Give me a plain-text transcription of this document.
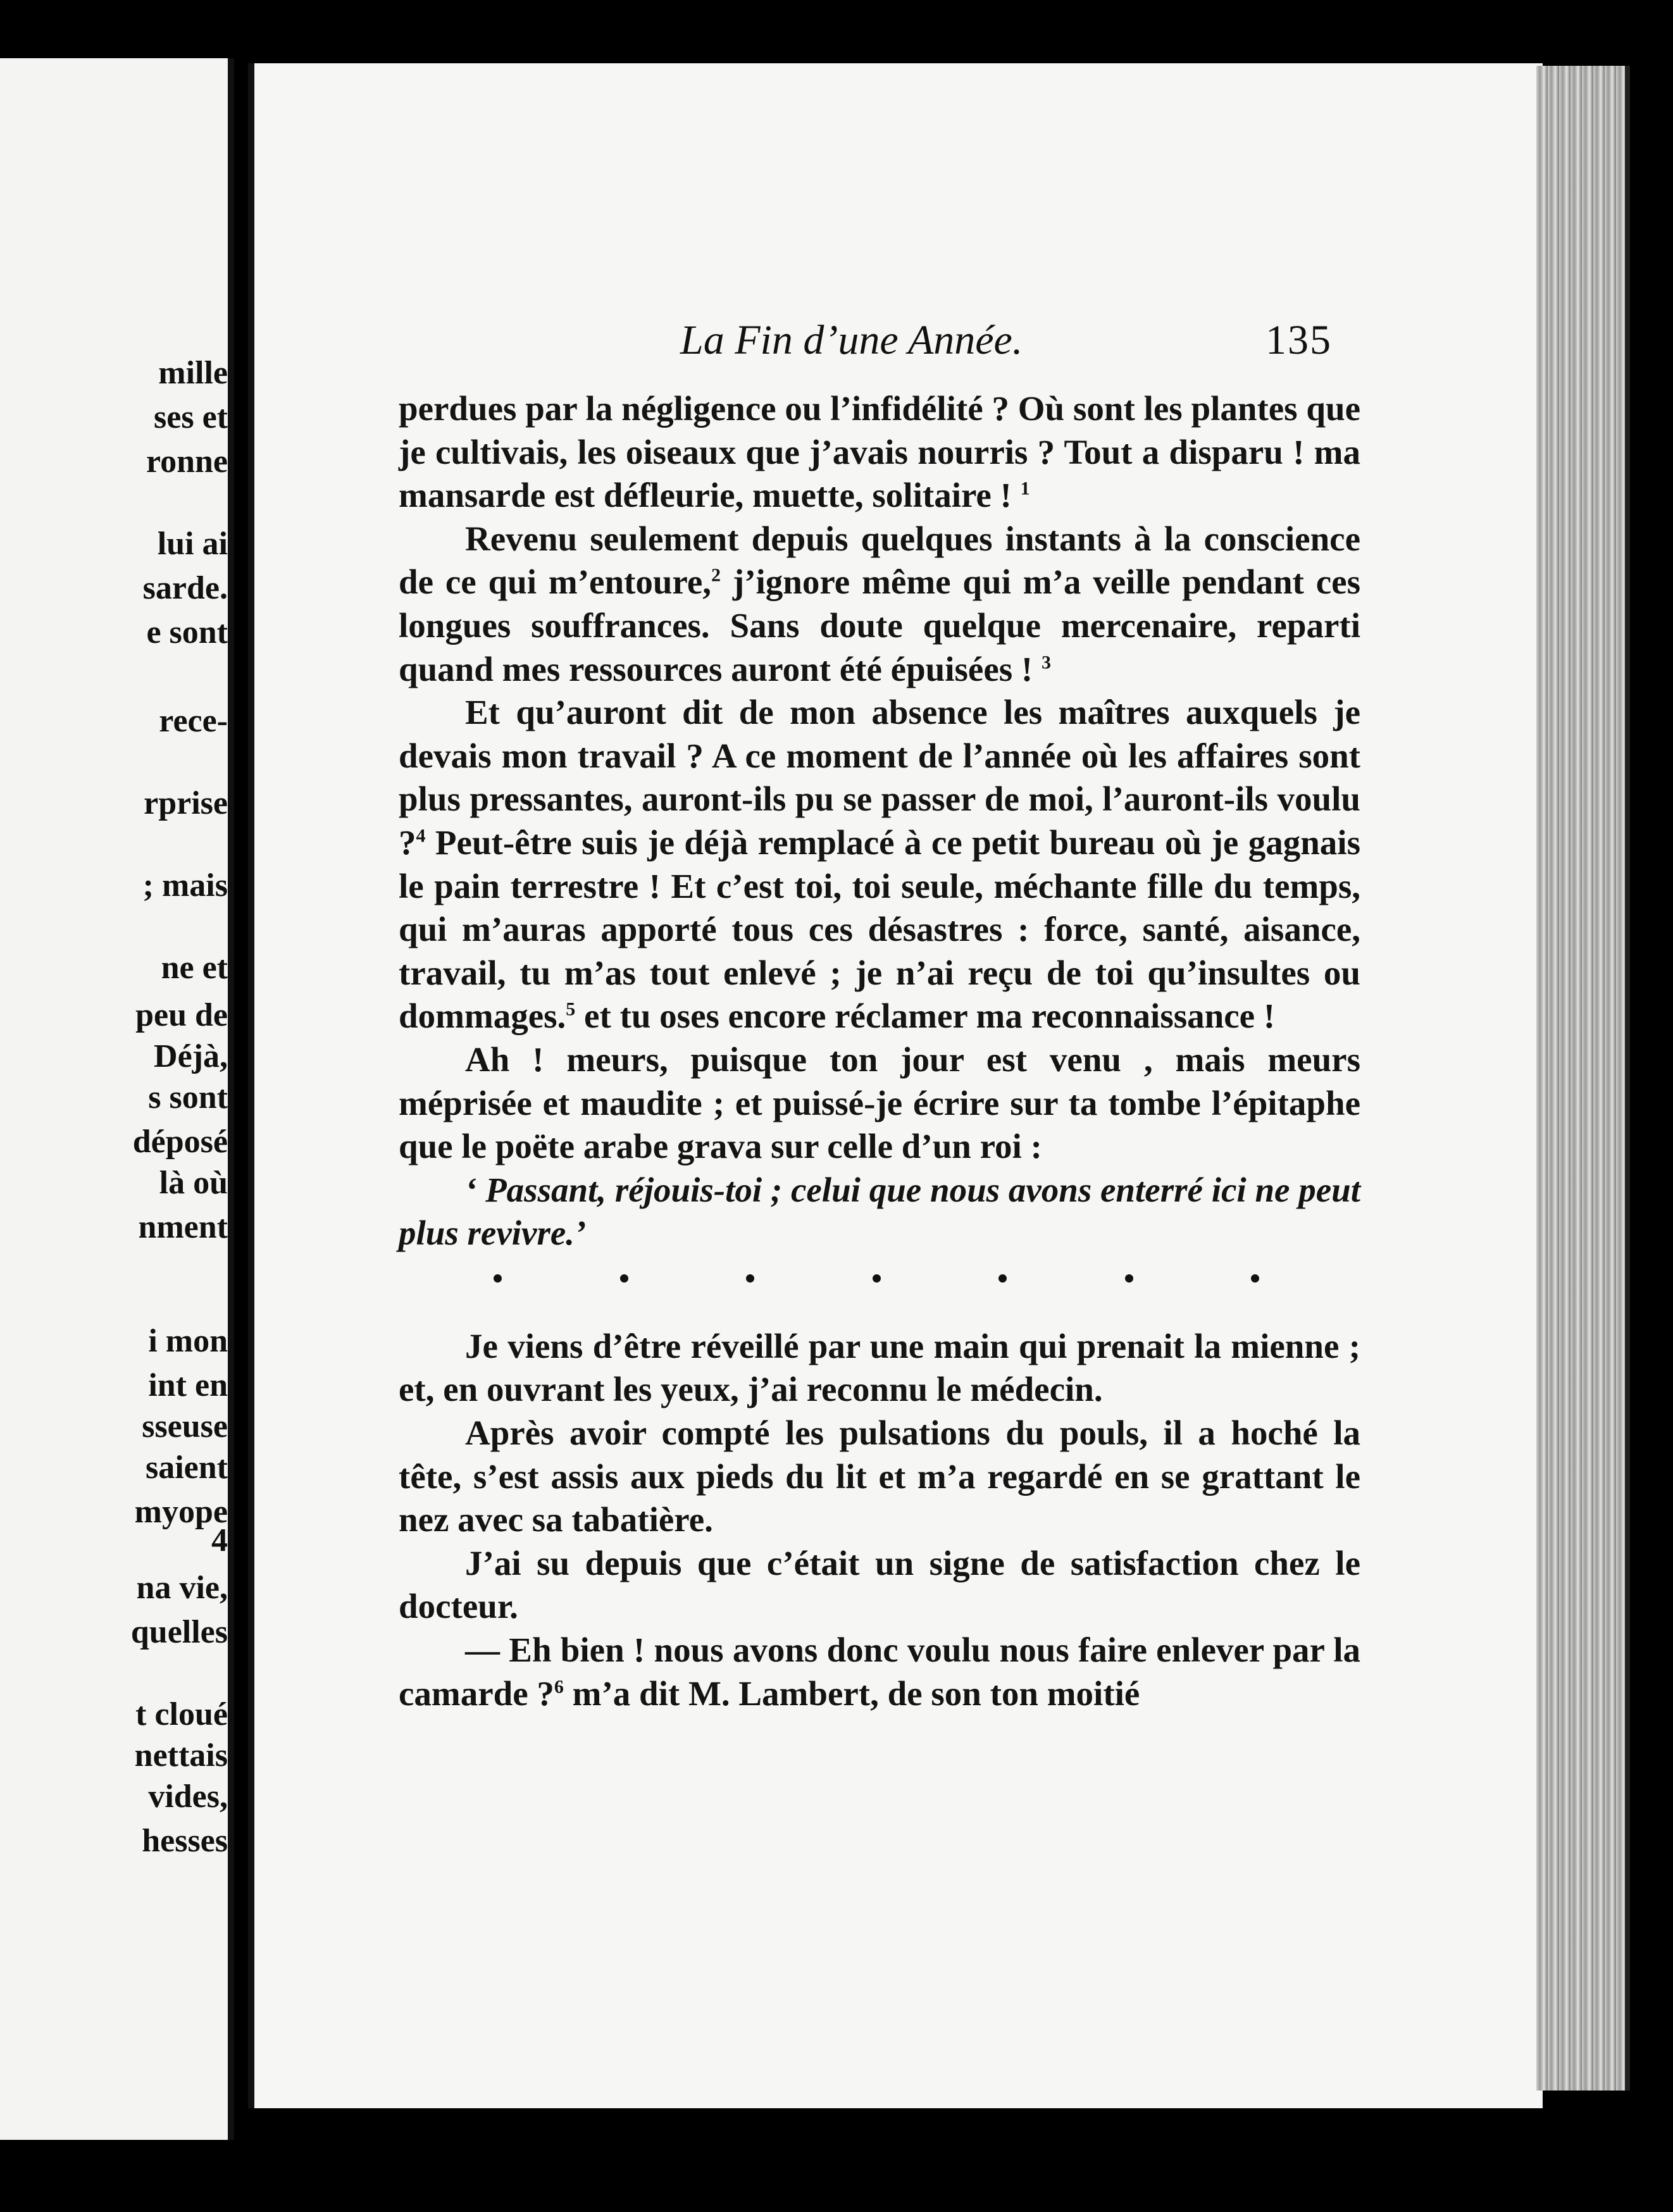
mille
ses et
ronne
lui ai
sarde.
e sont
rece-
rprise
; mais
ne et
peu de
Déjà,
s sont
déposé
là où
nment
i mon
int en
sseuse
saient
myope
4
na vie,
quelles
t cloué
nettais
vides,
hesses
La Fin d’une Année.	135

perdues par la négligence ou l’infidélité ? Où sont les plantes que je cultivais, les oiseaux que j’avais nourris ? Tout a disparu ! ma mansarde est défleurie, muette, solitaire ! $^1$

Revenu seulement depuis quelques instants à la conscience de ce qui m’entoure,$^2$ j’ignore même qui m’a veille pendant ces longues souffrances. Sans doute quelque mercenaire, reparti quand mes ressources auront été épuisées ! $^3$

Et qu’auront dit de mon absence les maîtres auxquels je devais mon travail ? A ce moment de l’année où les affaires sont plus pressantes, auront-ils pu se passer de moi, l’auront-ils voulu ?$^4$ Peut-être suis je déjà remplacé à ce petit bureau où je gagnais le pain terrestre ! Et c’est toi, toi seule, méchante fille du temps, qui m’auras apporté tous ces désastres : force, santé, aisance, travail, tu m’as tout enlevé ; je n’ai reçu de toi qu’insultes ou dommages.$^5$ et tu oses encore réclamer ma reconnaissance !

Ah ! meurs, puisque ton jour est venu , mais meurs méprisée et maudite ; et puissé-je écrire sur ta tombe l’épitaphe que le poëte arabe grava sur celle d’un roi :

‘ Passant, réjouis-toi ; celui que nous avons enterré ici ne peut plus revivre.’

Je viens d’être réveillé par une main qui prenait la mienne ; et, en ouvrant les yeux, j’ai reconnu le médecin.

Après avoir compté les pulsations du pouls, il a hoché la tête, s’est assis aux pieds du lit et m’a regardé en se grattant le nez avec sa tabatière.

J’ai su depuis que c’était un signe de satisfaction chez le docteur.

— Eh bien ! nous avons donc voulu nous faire enlever par la camarde ?$^6$ m’a dit M. Lambert, de son ton moitié
